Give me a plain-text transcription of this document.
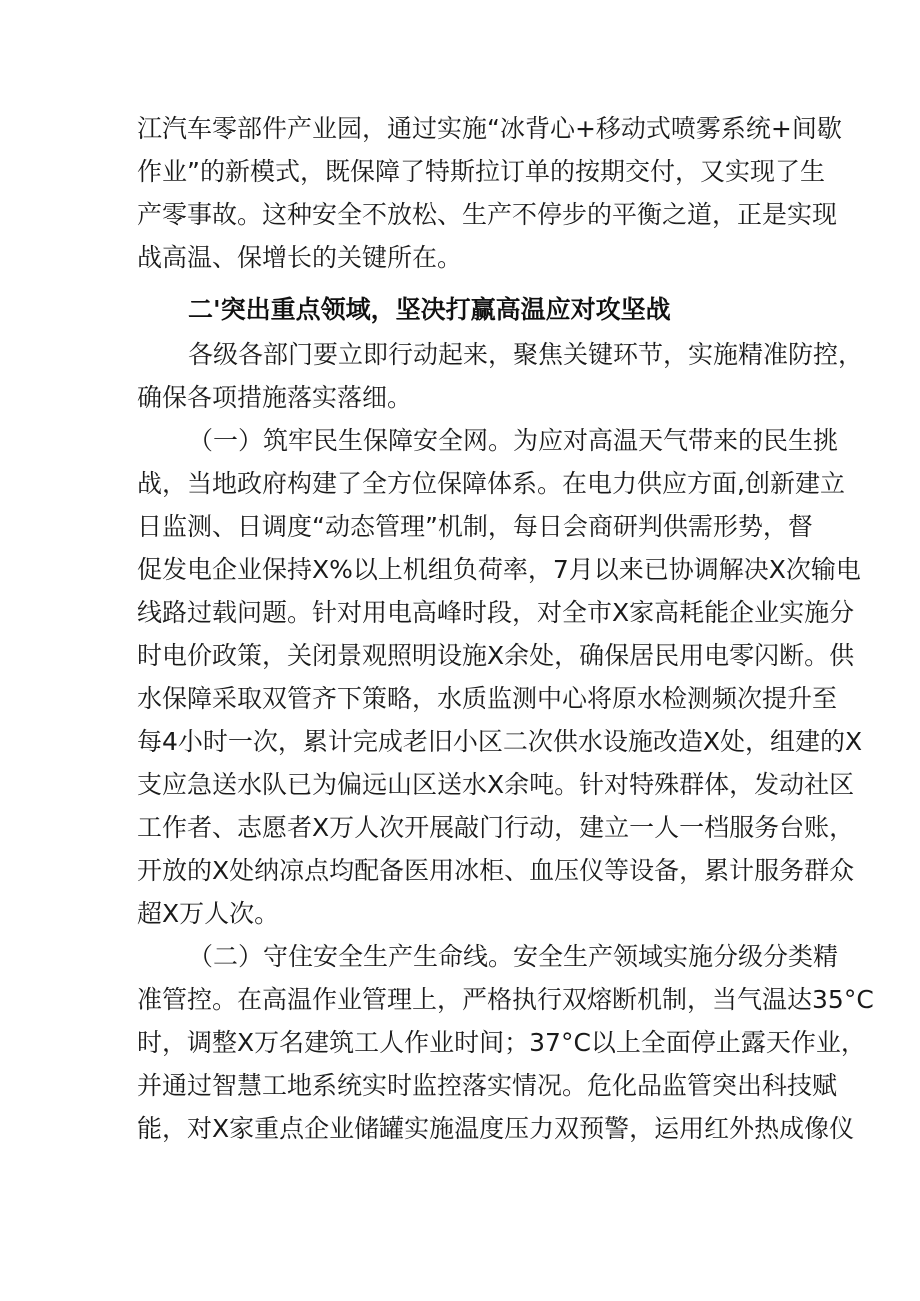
江汽车零部件产业园，通过实施“冰背心+移动式喷雾系统+间歇
作业”的新模式，既保障了特斯拉订单的按期交付，又实现了生
产零事故。这种安全不放松、生产不停步的平衡之道，正是实现
战高温、保增长的关键所在。
二'突出重点领域，坚决打赢高温应对攻坚战
各级各部门要立即行动起来，聚焦关键环节，实施精准防控，
确保各项措施落实落细。
（一）筑牢民生保障安全网。为应对高温天气带来的民生挑
战，当地政府构建了全方位保障体系。在电力供应方面,创新建立
日监测、日调度“动态管理”机制，每日会商研判供需形势，督
促发电企业保持X%以上机组负荷率，7月以来已协调解决X次输电
线路过载问题。针对用电高峰时段，对全市X家高耗能企业实施分
时电价政策，关闭景观照明设施X余处，确保居民用电零闪断。供
水保障采取双管齐下策略，水质监测中心将原水检测频次提升至
每4小时一次，累计完成老旧小区二次供水设施改造X处，组建的X
支应急送水队已为偏远山区送水X余吨。针对特殊群体，发动社区
工作者、志愿者X万人次开展敲门行动，建立一人一档服务台账，
开放的X处纳凉点均配备医用冰柜、血压仪等设备，累计服务群众
超X万人次。
（二）守住安全生产生命线。安全生产领域实施分级分类精
准管控。在高温作业管理上，严格执行双熔断机制，当气温达35°C
时，调整X万名建筑工人作业时间；37°C以上全面停止露天作业，
并通过智慧工地系统实时监控落实情况。危化品监管突出科技赋
能，对X家重点企业储罐实施温度压力双预警，运用红外热成像仪
